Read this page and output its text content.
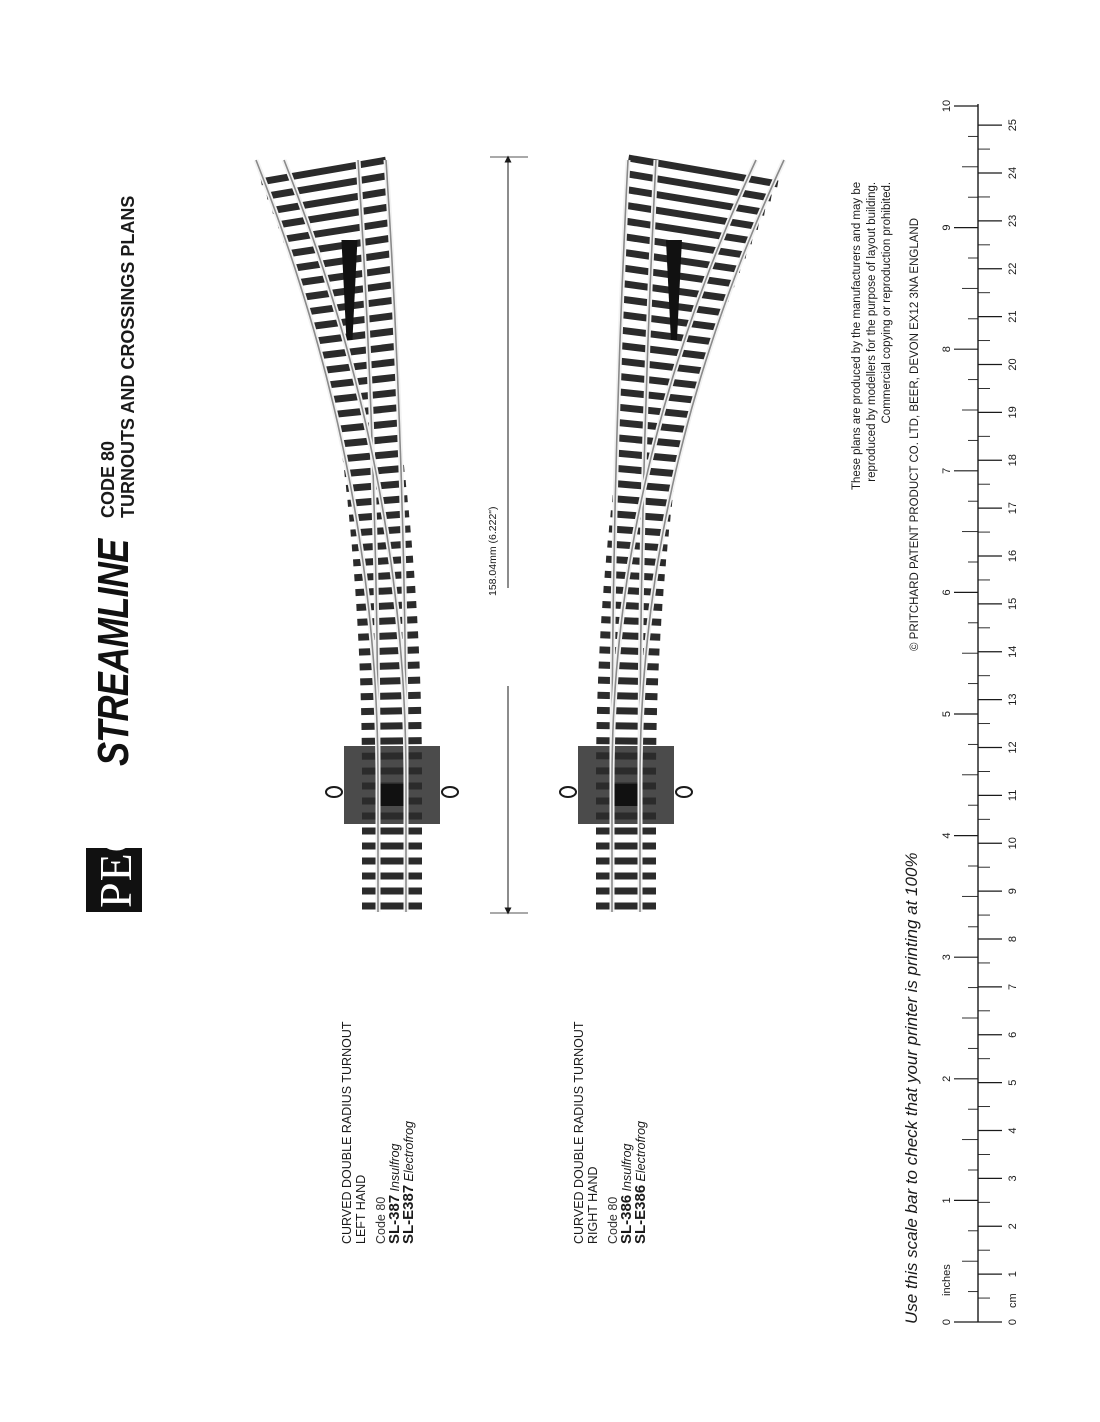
PECO
STREAMLINE
CODE 80 TURNOUTS AND CROSSINGS PLANS
CURVED DOUBLE RADIUS TURNOUT LEFT HAND Code 80
SL-387 Insulfrog
SL-E387 Electrofrog	CURVED DOUBLE RADIUS TURNOUT RIGHT HAND Code 80
SL-386 Insulfrog
SL-E386 Electrofrog
158.04mm (6.222")
These plans are produced by the manufacturers and may be reproduced by modellers for the purpose of layout building. Commercial copying or reproduction prohibited. © PRITCHARD PATENT PRODUCT CO. LTD, BEER, DEVON EX12 3NA ENGLAND
Use this scale bar to check that your printer is printing at 100% 0
1
2
3
4
5
6
7
8
9
10
0
1
2
3
4
5
6
7
8
9
10
11
12
13
14
15
16
17
18
19
20
21
22
23
24
25
inches
cm
